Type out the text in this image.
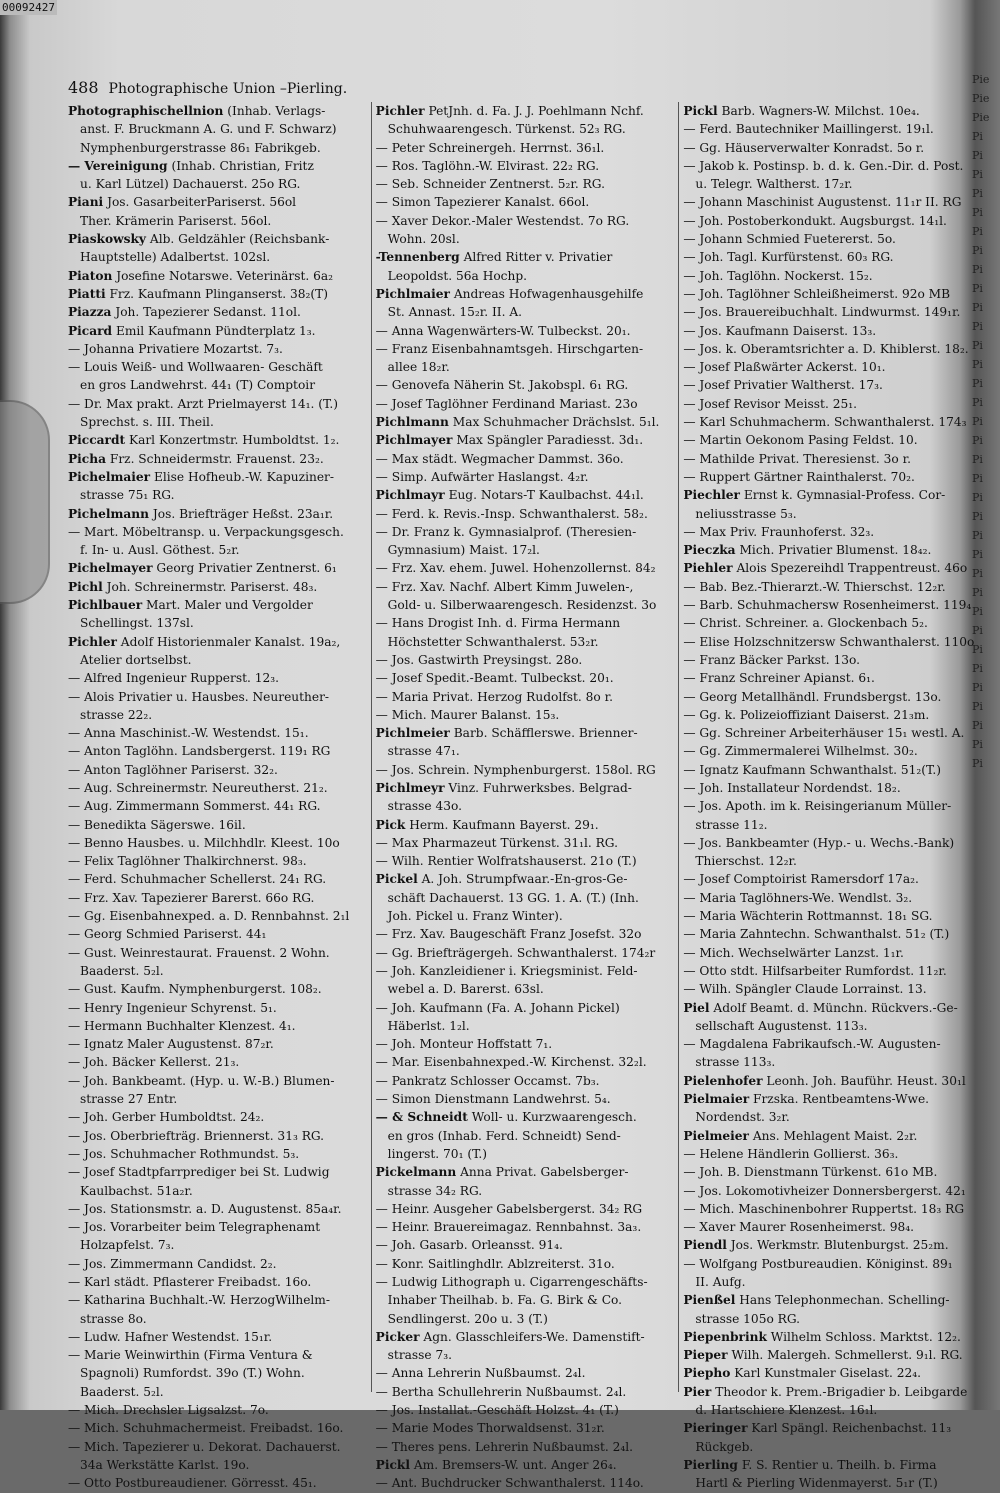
00092427
Pie
Pie
Pie
Pi
Pi
Pi
Pi
Pi
Pi
Pi
Pi
Pi
Pi
Pi
Pi
Pi
Pi
Pi
Pi
Pi
Pi
Pi
Pi
Pi
Pi
Pi
Pi
Pi
Pi
Pi
Pi
Pi
Pi
Pi
Pi
Pi
Pi
488 Photographische Union –Pierling.
Photographischellnion (Inhab. Verlags-
anst. F. Bruckmann A. G. und F. Schwarz)
Nymphenburgerstrasse 86₁ Fabrikgeb.
— Vereinigung (Inhab. Christian, Fritz
u. Karl Lützel) Dachauerst. 25o RG.
Piani Jos. GasarbeiterPariserst. 56ol
Ther. Krämerin Pariserst. 56ol.
Piaskowsky Alb. Geldzähler (Reichsbank-
Hauptstelle) Adalbertst. 102sl.
Piaton Josefine Notarswe. Veterinärst. 6a₂
Piatti Frz. Kaufmann Plinganserst. 38₂(T)
Piazza Joh. Tapezierer Sedanst. 11ol.
Picard Emil Kaufmann Pündterplatz 1₃.
— Johanna Privatiere Mozartst. 7₃.
— Louis Weiß- und Wollwaaren- Geschäft
en gros Landwehrst. 44₁ (T) Comptoir
— Dr. Max prakt. Arzt Prielmayerst 14₁. (T.)
Sprechst. s. III. Theil.
Piccardt Karl Konzertmstr. Humboldtst. 1₂.
Picha Frz. Schneidermstr. Frauenst. 23₂.
Pichelmaier Elise Hofheub.-W. Kapuziner-
strasse 75₁ RG.
Pichelmann Jos. Briefträger Heßst. 23a₁r.
— Mart. Möbeltransp. u. Verpackungsgesch.
f. In- u. Ausl. Göthest. 5₂r.
Pichelmayer Georg Privatier Zentnerst. 6₁
Pichl Joh. Schreinermstr. Pariserst. 48₃.
Pichlbauer Mart. Maler und Vergolder
Schellingst. 137sl.
Pichler Adolf Historienmaler Kanalst. 19a₂,
Atelier dortselbst.
— Alfred Ingenieur Rupperst. 12₃.
— Alois Privatier u. Hausbes. Neureuther-
strasse 22₂.
— Anna Maschinist.-W. Westendst. 15₁.
— Anton Taglöhn. Landsbergerst. 119₁ RG
— Anton Taglöhner Pariserst. 32₂.
— Aug. Schreinermstr. Neureutherst. 21₂.
— Aug. Zimmermann Sommerst. 44₁ RG.
— Benedikta Sägerswe. 16il.
— Benno Hausbes. u. Milchhdlr. Kleest. 10o
— Felix Taglöhner Thalkirchnerst. 98₃.
— Ferd. Schuhmacher Schellerst. 24₁ RG.
— Frz. Xav. Tapezierer Barerst. 66o RG.
— Gg. Eisenbahnexped. a. D. Rennbahnst. 2₁l
— Georg Schmied Pariserst. 44₁
— Gust. Weinrestaurat. Frauenst. 2 Wohn.
Baaderst. 5₂l.
— Gust. Kaufm. Nymphenburgerst. 108₂.
— Henry Ingenieur Schyrenst. 5₁.
— Hermann Buchhalter Klenzest. 4₁.
— Ignatz Maler Augustenst. 87₂r.
— Joh. Bäcker Kellerst. 21₃.
— Joh. Bankbeamt. (Hyp. u. W.-B.) Blumen-
strasse 27 Entr.
— Joh. Gerber Humboldtst. 24₂.
— Jos. Oberbriefträg. Briennerst. 31₃ RG.
— Jos. Schuhmacher Rothmundst. 5₃.
— Josef Stadtpfarrprediger bei St. Ludwig
Kaulbachst. 51a₂r.
— Jos. Stationsmstr. a. D. Augustenst. 85a₄r.
— Jos. Vorarbeiter beim Telegraphenamt
Holzapfelst. 7₃.
— Jos. Zimmermann Candidst. 2₂.
— Karl städt. Pflasterer Freibadst. 16o.
— Katharina Buchhalt.-W. HerzogWilhelm-
strasse 8o.
— Ludw. Hafner Westendst. 15₁r.
— Marie Weinwirthin (Firma Ventura &
Spagnoli) Rumfordst. 39o (T.) Wohn.
Baaderst. 5₂l.
— Mich. Drechsler Ligsalzst. 7o.
— Mich. Schuhmachermeist. Freibadst. 16o.
— Mich. Tapezierer u. Dekorat. Dachauerst.
34a Werkstätte Karlst. 19o.
— Otto Postbureaudiener. Görresst. 45₁.
Pichler PetJnh. d. Fa. J. J. Poehlmann Nchf.
Schuhwaarengesch. Türkenst. 52₃ RG.
— Peter Schreinergeh. Herrnst. 36₁l.
— Ros. Taglöhn.-W. Elvirast. 22₂ RG.
— Seb. Schneider Zentnerst. 5₂r. RG.
— Simon Tapezierer Kanalst. 66ol.
— Xaver Dekor.-Maler Westendst. 7o RG.
Wohn. 20sl.
-Tennenberg Alfred Ritter v. Privatier
Leopoldst. 56a Hochp.
Pichlmaier Andreas Hofwagenhausgehilfe
St. Annast. 15₂r. II. A.
— Anna Wagenwärters-W. Tulbeckst. 20₁.
— Franz Eisenbahnamtsgeh. Hirschgarten-
allee 18₂r.
— Genovefa Näherin St. Jakobspl. 6₁ RG.
— Josef Taglöhner Ferdinand Mariast. 23o
Pichlmann Max Schuhmacher Drächslst. 5₁l.
Pichlmayer Max Spängler Paradiesst. 3d₁.
— Max städt. Wegmacher Dammst. 36o.
— Simp. Aufwärter Haslangst. 4₂r.
Pichlmayr Eug. Notars-T Kaulbachst. 44₁l.
— Ferd. k. Revis.-Insp. Schwanthalerst. 58₂.
— Dr. Franz k. Gymnasialprof. (Theresien-
Gymnasium) Maist. 17₂l.
— Frz. Xav. ehem. Juwel. Hohenzollernst. 84₂
— Frz. Xav. Nachf. Albert Kimm Juwelen-,
Gold- u. Silberwaarengesch. Residenzst. 3o
— Hans Drogist Inh. d. Firma Hermann
Höchstetter Schwanthalerst. 53₂r.
— Jos. Gastwirth Preysingst. 28o.
— Josef Spedit.-Beamt. Tulbeckst. 20₁.
— Maria Privat. Herzog Rudolfst. 8o r.
— Mich. Maurer Balanst. 15₃.
Pichlmeier Barb. Schäfflerswe. Brienner-
strasse 47₁.
— Jos. Schrein. Nymphenburgerst. 158ol. RG
Pichlmeyr Vinz. Fuhrwerksbes. Belgrad-
strasse 43o.
Pick Herm. Kaufmann Bayerst. 29₁.
— Max Pharmazeut Türkenst. 31₁l. RG.
— Wilh. Rentier Wolfratshauserst. 21o (T.)
Pickel A. Joh. Strumpfwaar.-En-gros-Ge-
schäft Dachauerst. 13 GG. 1. A. (T.) (Inh.
Joh. Pickel u. Franz Winter).
— Frz. Xav. Baugeschäft Franz Josefst. 32o
— Gg. Briefträgergeh. Schwanthalerst. 174₂r
— Joh. Kanzleidiener i. Kriegsminist. Feld-
webel a. D. Barerst. 63sl.
— Joh. Kaufmann (Fa. A. Johann Pickel)
Häberlst. 1₂l.
— Joh. Monteur Hoffstatt 7₁.
— Mar. Eisenbahnexped.-W. Kirchenst. 32₂l.
— Pankratz Schlosser Occamst. 7b₃.
— Simon Dienstmann Landwehrst. 5₄.
— & Schneidt Woll- u. Kurzwaarengesch.
en gros (Inhab. Ferd. Schneidt) Send-
lingerst. 70₁ (T.)
Pickelmann Anna Privat. Gabelsberger-
strasse 34₂ RG.
— Heinr. Ausgeher Gabelsbergerst. 34₂ RG
— Heinr. Brauereimagaz. Rennbahnst. 3a₃.
— Joh. Gasarb. Orleansst. 91₄.
— Konr. Saitlinghdlr. Ablzreiterst. 31o.
— Ludwig Lithograph u. Cigarrengeschäfts-
Inhaber Theilhab. b. Fa. G. Birk & Co.
Sendlingerst. 20o u. 3 (T.)
Picker Agn. Glasschleifers-We. Damenstift-
strasse 7₃.
— Anna Lehrerin Nußbaumst. 2₄l.
— Bertha Schullehrerin Nußbaumst. 2₄l.
— Jos. Installat.-Geschäft Holzst. 4₁ (T.)
— Marie Modes Thorwaldsenst. 31₂r.
— Theres pens. Lehrerin Nußbaumst. 2₄l.
Pickl Am. Bremsers-W. unt. Anger 26₄.
— Ant. Buchdrucker Schwanthalerst. 114o.
Pickl Barb. Wagners-W. Milchst. 10e₄.
— Ferd. Bautechniker Maillingerst. 19₁l.
— Gg. Häuserverwalter Konradst. 5o r.
— Jakob k. Postinsp. b. d. k. Gen.-Dir. d. Post.
u. Telegr. Waltherst. 17₂r.
— Johann Maschinist Augustenst. 11₁r II. RG
— Joh. Postoberkondukt. Augsburgst. 14₁l.
— Johann Schmied Fuetererst. 5o.
— Joh. Tagl. Kurfürstenst. 60₃ RG.
— Joh. Taglöhn. Nockerst. 15₂.
— Joh. Taglöhner Schleißheimerst. 92o MB
— Jos. Brauereibuchhalt. Lindwurmst. 149₁r.
— Jos. Kaufmann Daiserst. 13₃.
— Jos. k. Oberamtsrichter a. D. Khiblerst. 18₂.
— Josef Plaßwärter Ackerst. 10₁.
— Josef Privatier Waltherst. 17₃.
— Josef Revisor Meisst. 25₁.
— Karl Schuhmacherm. Schwanthalerst. 174₃
— Martin Oekonom Pasing Feldst. 10.
— Mathilde Privat. Theresienst. 3o r.
— Ruppert Gärtner Rainthalerst. 70₂.
Piechler Ernst k. Gymnasial-Profess. Cor-
neliusstrasse 5₃.
— Max Priv. Fraunhoferst. 32₃.
Pieczka Mich. Privatier Blumenst. 18₄₂.
Piehler Alois Spezereihdl Trappentreust. 46o
— Bab. Bez.-Thierarzt.-W. Thierschst. 12₂r.
— Barb. Schuhmachersw Rosenheimerst. 119₄
— Christ. Schreiner. a. Glockenbach 5₂.
— Elise Holzschnitzersw Schwanthalerst. 110o
— Franz Bäcker Parkst. 13o.
— Franz Schreiner Apianst. 6₁.
— Georg Metallhändl. Frundsbergst. 13o.
— Gg. k. Polizeioffiziant Daiserst. 21₃m.
— Gg. Schreiner Arbeiterhäuser 15₁ westl. A.
— Gg. Zimmermalerei Wilhelmst. 30₂.
— Ignatz Kaufmann Schwanthalst. 51₂(T.)
— Joh. Installateur Nordendst. 18₂.
— Jos. Apoth. im k. Reisingerianum Müller-
strasse 11₂.
— Jos. Bankbeamter (Hyp.- u. Wechs.-Bank)
Thierschst. 12₂r.
— Josef Comptoirist Ramersdorf 17a₂.
— Maria Taglöhners-We. Wendlst. 3₂.
— Maria Wächterin Rottmannst. 18₁ SG.
— Maria Zahntechn. Schwanthalst. 51₂ (T.)
— Mich. Wechselwärter Lanzst. 1₁r.
— Otto stdt. Hilfsarbeiter Rumfordst. 11₂r.
— Wilh. Spängler Claude Lorrainst. 13.
Piel Adolf Beamt. d. Münchn. Rückvers.-Ge-
sellschaft Augustenst. 113₃.
— Magdalena Fabrikaufsch.-W. Augusten-
strasse 113₃.
Pielenhofer Leonh. Joh. Bauführ. Heust. 30₁l
Pielmaier Frzska. Rentbeamtens-Wwe.
Nordendst. 3₂r.
Pielmeier Ans. Mehlagent Maist. 2₂r.
— Helene Händlerin Gollierst. 36₃.
— Joh. B. Dienstmann Türkenst. 61o MB.
— Jos. Lokomotivheizer Donnersbergerst. 42₁
— Mich. Maschinenbohrer Ruppertst. 18₃ RG
— Xaver Maurer Rosenheimerst. 98₄.
Piendl Jos. Werkmstr. Blutenburgst. 25₂m.
— Wolfgang Postbureaudien. Königinst. 89₁
II. Aufg.
Pienßel Hans Telephonmechan. Schelling-
strasse 105o RG.
Piepenbrink Wilhelm Schloss. Marktst. 12₂.
Pieper Wilh. Malergeh. Schmellerst. 9₁l. RG.
Piepho Karl Kunstmaler Giselast. 22₄.
Pier Theodor k. Prem.-Brigadier b. Leibgarde
d. Hartschiere Klenzest. 16₁l.
Pieringer Karl Spängl. Reichenbachst. 11₃
Rückgeb.
Pierling F. S. Rentier u. Theilh. b. Firma
Hartl & Pierling Widenmayerst. 5₁r (T.)
